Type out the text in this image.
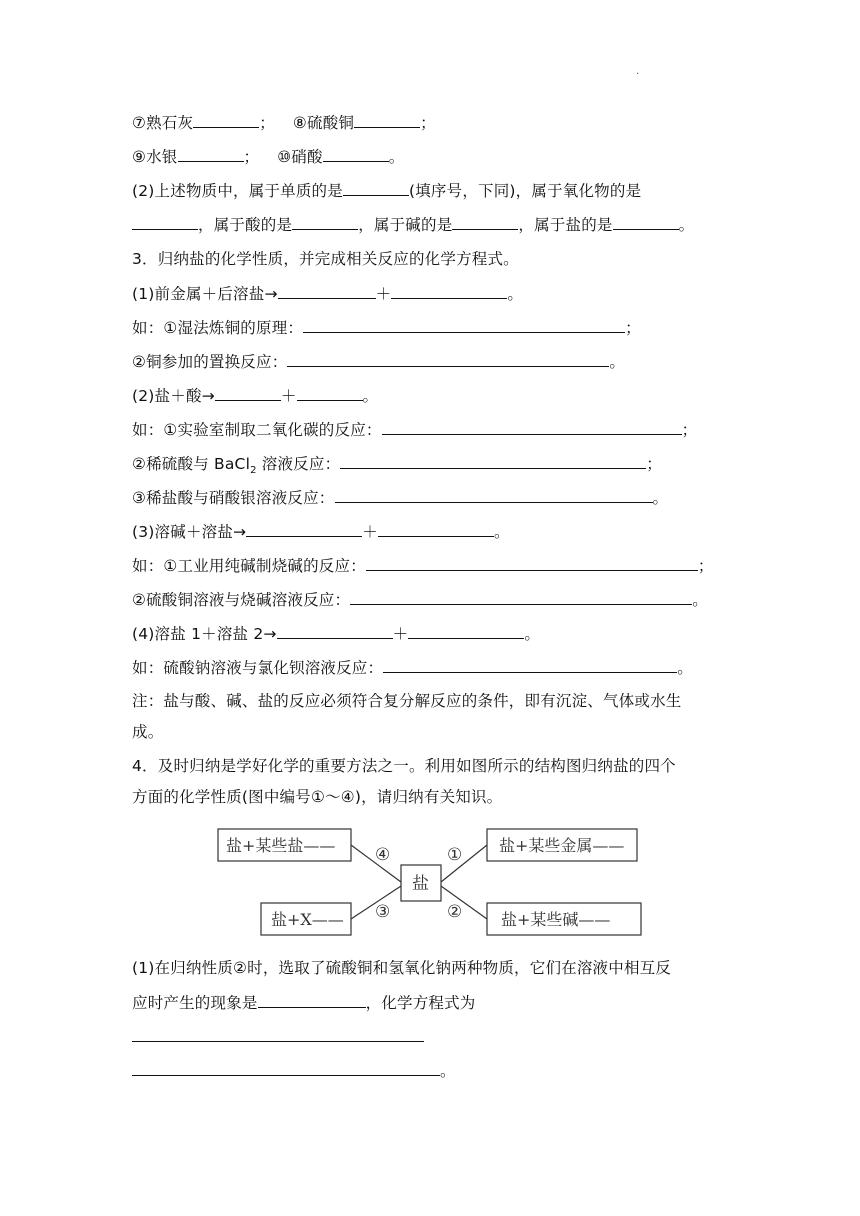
.
⑦熟石灰	； ⑧硫酸铜	；
⑨水银	； ⑩硝酸	。
(2)上述物质中，属于单质的是	(填序号，下同)，属于氧化物的是
，属于酸的是	，属于碱的是	，属于盐的是	。
3．归纳盐的化学性质，并完成相关反应的化学方程式。
(1)前金属＋后溶盐→	＋	。
如：①湿法炼铜的原理：	；
②铜参加的置换反应：	。
(2)盐＋酸→	＋	。
如：①实验室制取二氧化碳的反应：	；
②稀硫酸与 BaCl$_2$ 溶液反应：	；
③稀盐酸与硝酸银溶液反应：	。
(3)溶碱＋溶盐→	＋	。
如：①工业用纯碱制烧碱的反应：	；
②硫酸铜溶液与烧碱溶液反应：	。
(4)溶盐 1＋溶盐 2→	＋	。
如：硫酸钠溶液与氯化钡溶液反应：	。
注：盐与酸、碱、盐的反应必须符合复分解反应的条件，即有沉淀、气体或水生
成。
4．及时归纳是学好化学的重要方法之一。利用如图所示的结构图归纳盐的四个
方面的化学性质(图中编号①～④)，请归纳有关知识。
盐+某些盐——
盐+X——
盐
盐+某些金属——
盐+某些碱——
④
③
①
②
(1)在归纳性质②时，选取了硫酸铜和氢氧化钠两种物质，它们在溶液中相互反
应时产生的现象是	，化学方程式为
。
